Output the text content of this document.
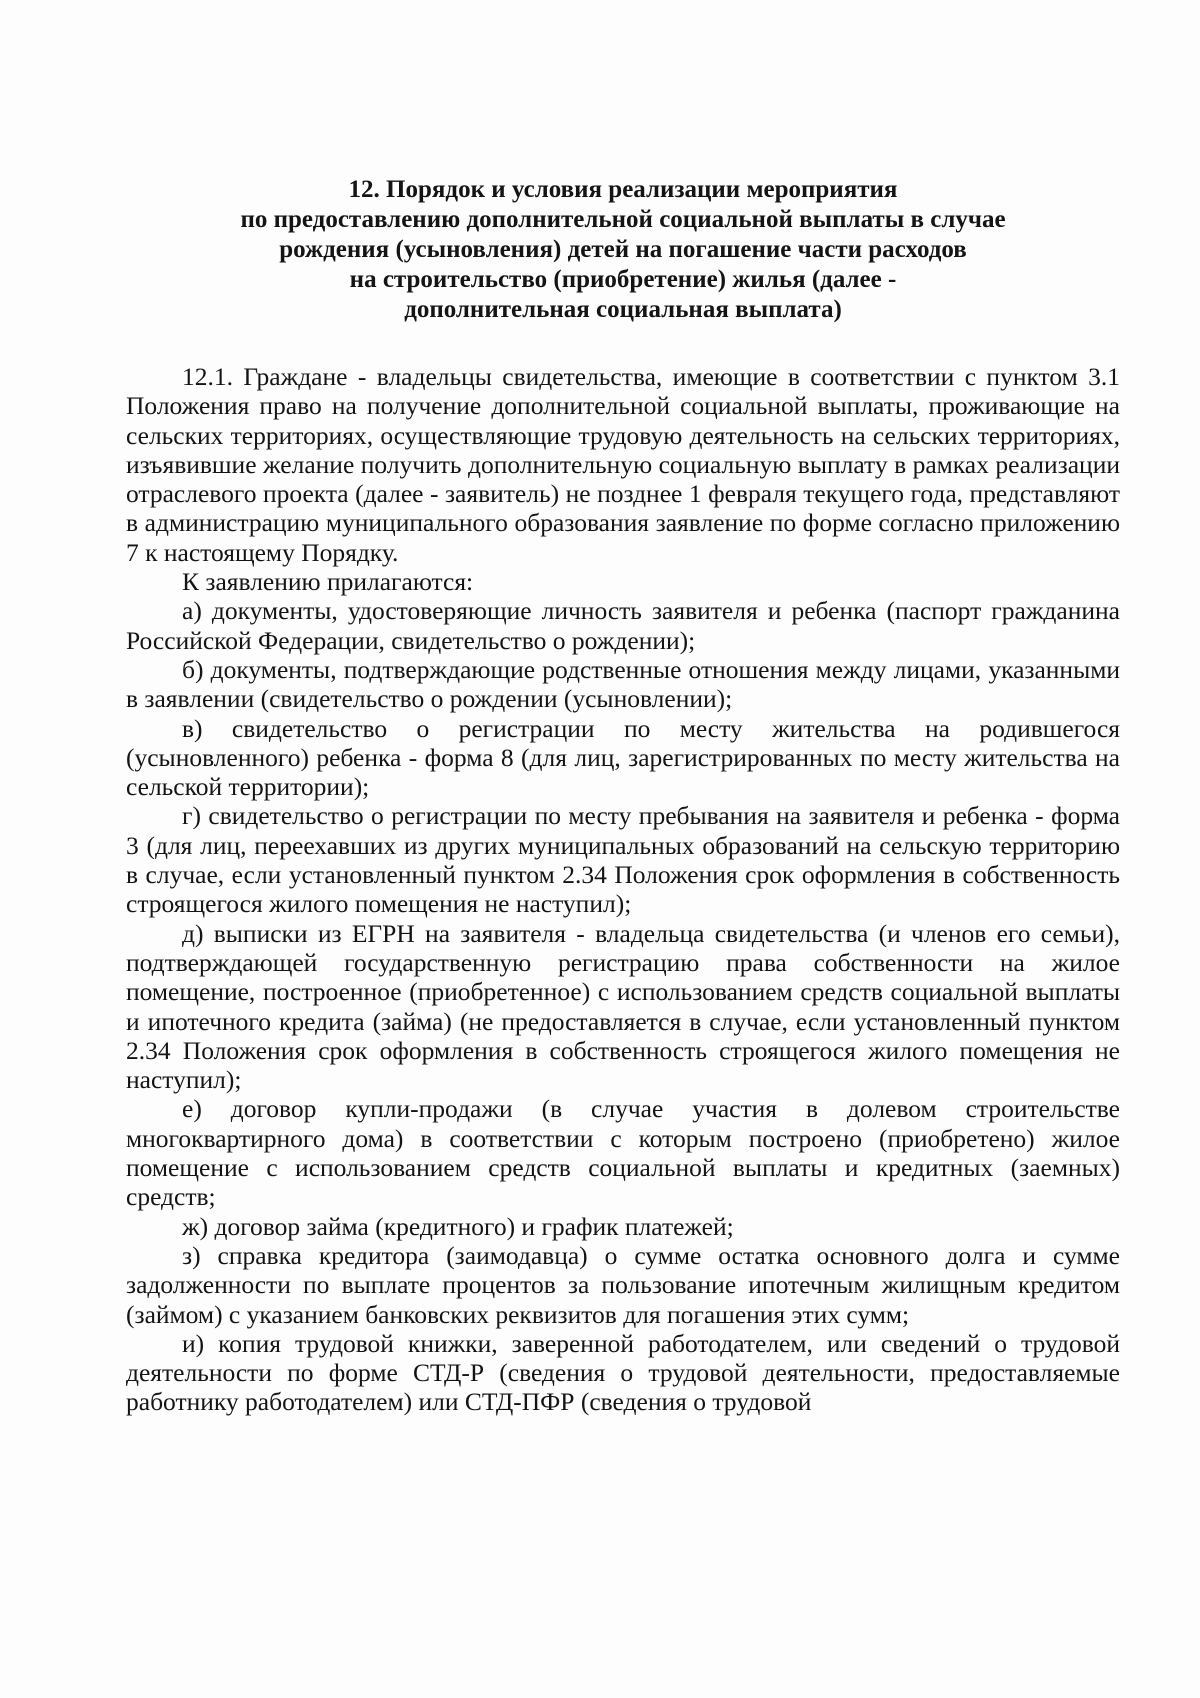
12. Порядок и условия реализации мероприятия
по предоставлению дополнительной социальной выплаты в случае
рождения (усыновления) детей на погашение части расходов
на строительство (приобретение) жилья (далее -
дополнительная социальная выплата)

12.1. Граждане - владельцы свидетельства, имеющие в соответствии с пунктом 3.1 Положения право на получение дополнительной социальной выплаты, проживающие на сельских территориях, осуществляющие трудовую деятельность на сельских территориях, изъявившие желание получить дополнительную социальную выплату в рамках реализации отраслевого проекта (далее - заявитель) не позднее 1 февраля текущего года, представляют в администрацию муниципального образования заявление по форме согласно приложению 7 к настоящему Порядку.

К заявлению прилагаются:

а) документы, удостоверяющие личность заявителя и ребенка (паспорт гражданина Российской Федерации, свидетельство о рождении);

б) документы, подтверждающие родственные отношения между лицами, указанными в заявлении (свидетельство о рождении (усыновлении);

в) свидетельство о регистрации по месту жительства на родившегося (усыновленного) ребенка - форма 8 (для лиц, зарегистрированных по месту жительства на сельской территории);

г) свидетельство о регистрации по месту пребывания на заявителя и ребенка - форма 3 (для лиц, переехавших из других муниципальных образований на сельскую территорию в случае, если установленный пунктом 2.34 Положения срок оформления в собственность строящегося жилого помещения не наступил);

д) выписки из ЕГРН на заявителя - владельца свидетельства (и членов его семьи), подтверждающей государственную регистрацию права собственности на жилое помещение, построенное (приобретенное) с использованием средств социальной выплаты и ипотечного кредита (займа) (не предоставляется в случае, если установленный пунктом 2.34 Положения срок оформления в собственность строящегося жилого помещения не наступил);

е) договор купли-продажи (в случае участия в долевом строительстве многоквартирного дома) в соответствии с которым построено (приобретено) жилое помещение с использованием средств социальной выплаты и кредитных (заемных) средств;

ж) договор займа (кредитного) и график платежей;

з) справка кредитора (заимодавца) о сумме остатка основного долга и сумме задолженности по выплате процентов за пользование ипотечным жилищным кредитом (займом) с указанием банковских реквизитов для погашения этих сумм;

и) копия трудовой книжки, заверенной работодателем, или сведений о трудовой деятельности по форме СТД-Р (сведения о трудовой деятельности, предоставляемые работнику работодателем) или СТД-ПФР (сведения о трудовой
